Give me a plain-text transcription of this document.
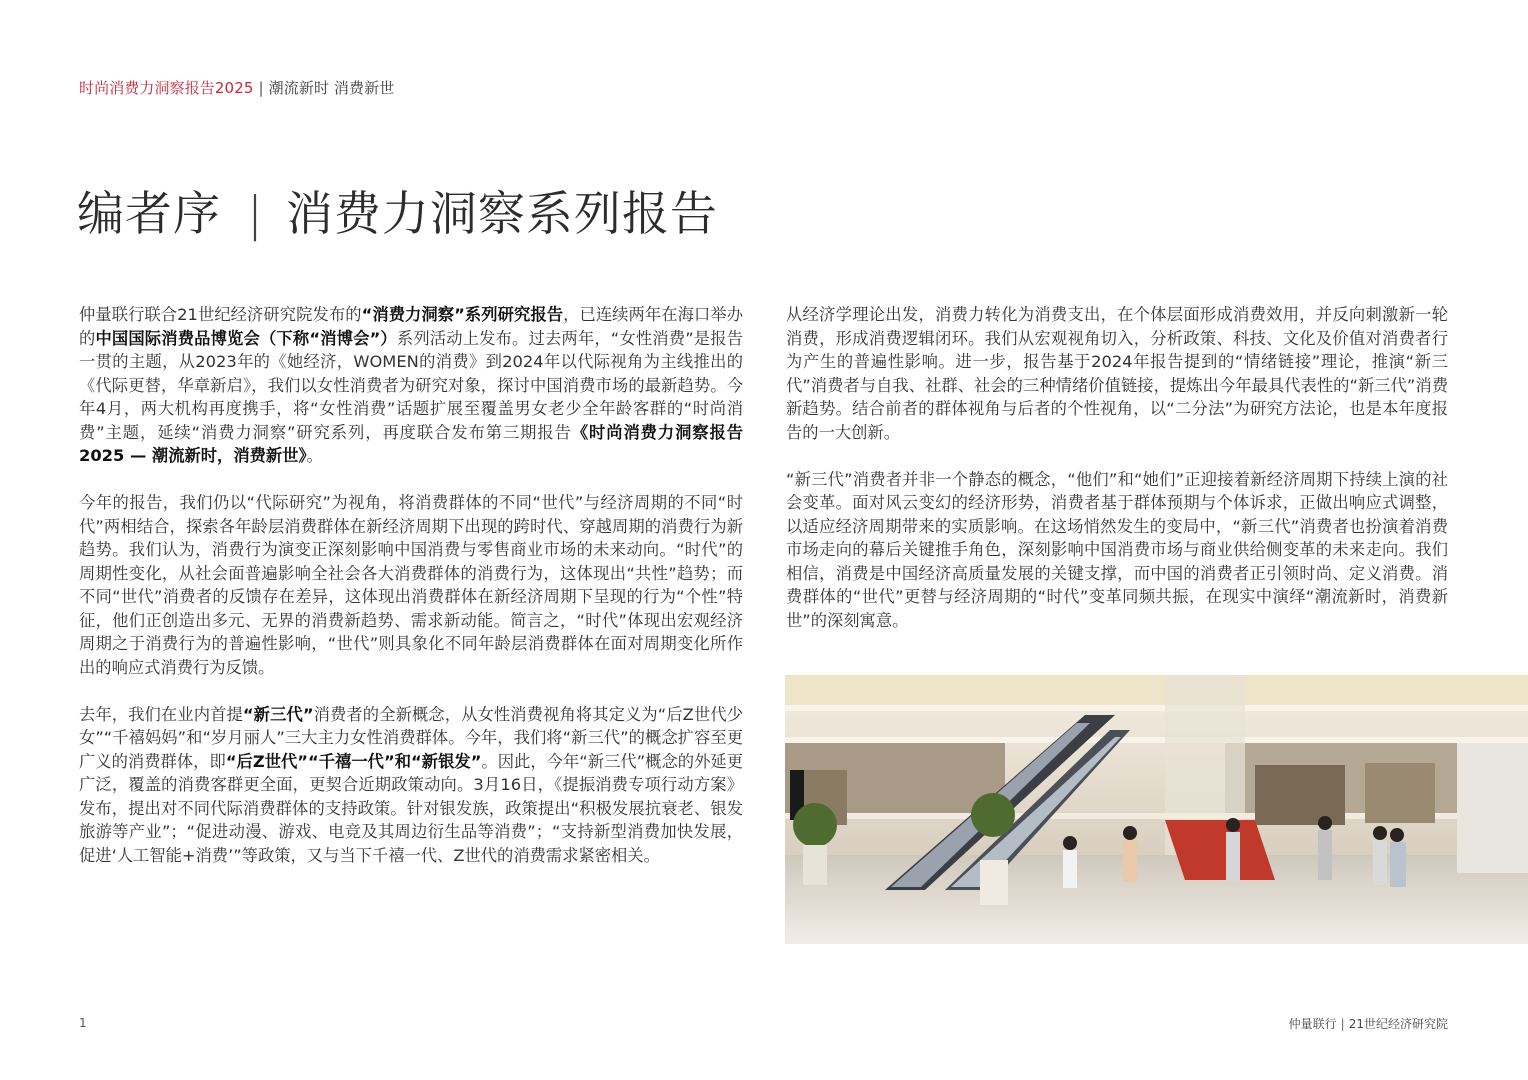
时尚消费力洞察报告2025 | 潮流新时 消费新世
编者序 | 消费力洞察系列报告

仲量联行联合21世纪经济研究院发布的“消费力洞察”系列研究报告，已连续两年在海口举办的中国国际消费品博览会（下称“消博会”）系列活动上发布。过去两年，“女性消费”是报告一贯的主题，从2023年的《她经济，WOMEN的消费》到2024年以代际视角为主线推出的《代际更替，华章新启》，我们以女性消费者为研究对象，探讨中国消费市场的最新趋势。今年4月，两大机构再度携手，将“女性消费”话题扩展至覆盖男女老少全年龄客群的“时尚消费”主题，延续“消费力洞察”研究系列，再度联合发布第三期报告《时尚消费力洞察报告2025 — 潮流新时，消费新世》。

今年的报告，我们仍以“代际研究”为视角，将消费群体的不同“世代”与经济周期的不同“时代”两相结合，探索各年龄层消费群体在新经济周期下出现的跨时代、穿越周期的消费行为新趋势。我们认为，消费行为演变正深刻影响中国消费与零售商业市场的未来动向。“时代”的周期性变化，从社会面普遍影响全社会各大消费群体的消费行为，这体现出“共性”趋势；而不同“世代”消费者的反馈存在差异，这体现出消费群体在新经济周期下呈现的行为“个性”特征，他们正创造出多元、无界的消费新趋势、需求新动能。简言之，“时代”体现出宏观经济周期之于消费行为的普遍性影响，“世代”则具象化不同年龄层消费群体在面对周期变化所作出的响应式消费行为反馈。

去年，我们在业内首提“新三代”消费者的全新概念，从女性消费视角将其定义为“后Z世代少女”“千禧妈妈”和“岁月丽人”三大主力女性消费群体。今年，我们将“新三代”的概念扩容至更广义的消费群体，即“后Z世代”“千禧一代”和“新银发”。因此，今年“新三代”概念的外延更广泛，覆盖的消费客群更全面，更契合近期政策动向。3月16日，《提振消费专项行动方案》发布，提出对不同代际消费群体的支持政策。针对银发族，政策提出“积极发展抗衰老、银发旅游等产业”；“促进动漫、游戏、电竞及其周边衍生品等消费”；“支持新型消费加快发展，促进‘人工智能+消费’”等政策，又与当下千禧一代、Z世代的消费需求紧密相关。

从经济学理论出发，消费力转化为消费支出，在个体层面形成消费效用，并反向刺激新一轮消费，形成消费逻辑闭环。我们从宏观视角切入，分析政策、科技、文化及价值对消费者行为产生的普遍性影响。进一步，报告基于2024年报告提到的“情绪链接”理论，推演“新三代”消费者与自我、社群、社会的三种情绪价值链接，提炼出今年最具代表性的“新三代”消费新趋势。结合前者的群体视角与后者的个性视角，以“二分法”为研究方法论，也是本年度报告的一大创新。

“新三代”消费者并非一个静态的概念，“他们”和“她们”正迎接着新经济周期下持续上演的社会变革。面对风云变幻的经济形势，消费者基于群体预期与个体诉求，正做出响应式调整，以适应经济周期带来的实质影响。在这场悄然发生的变局中，“新三代”消费者也扮演着消费市场走向的幕后关键推手角色，深刻影响中国消费市场与商业供给侧变革的未来走向。我们相信，消费是中国经济高质量发展的关键支撑，而中国的消费者正引领时尚、定义消费。消费群体的“世代”更替与经济周期的“时代”变革同频共振，在现实中演绎“潮流新时，消费新世”的深刻寓意。

1	仲量联行 | 21世纪经济研究院
